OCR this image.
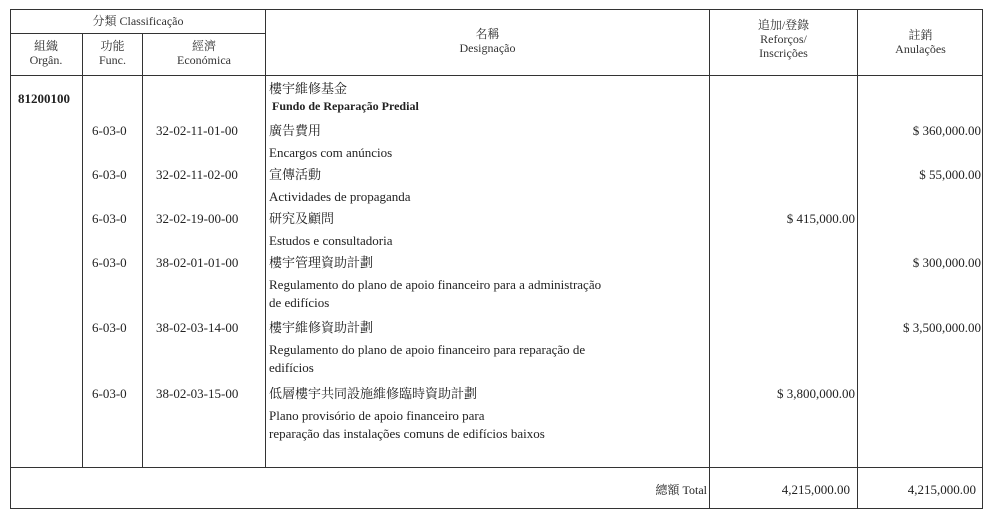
分類 Classificação
組織
Orgân.
功能
Func.
經濟
Económica
名稱
Designação
追加/登錄
Reforços/
Inscrições
註銷
Anulações
81200100
樓宇維修基金
Fundo de Reparação Predial
6-03-0 32-02-11-01-00 廣告費用
Encargos com anúncios
$ 360,000.00
6-03-0 32-02-11-02-00 宣傳活動
Actividades de propaganda
$ 55,000.00
6-03-0 32-02-19-00-00 研究及顧問
Estudos e consultadoria
$ 415,000.00
6-03-0 38-02-01-01-00 樓宇管理資助計劃
Regulamento do plano de apoio financeiro para a administração
de edifícios
$ 300,000.00
6-03-0 38-02-03-14-00 樓宇維修資助計劃
Regulamento do plano de apoio financeiro para reparação de
edifícios
$ 3,500,000.00
6-03-0 38-02-03-15-00 低層樓宇共同設施維修臨時資助計劃
Plano provisório de apoio financeiro para
reparação das instalações comuns de edifícios baixos
$ 3,800,000.00
總額 Total	4,215,000.00	4,215,000.00
